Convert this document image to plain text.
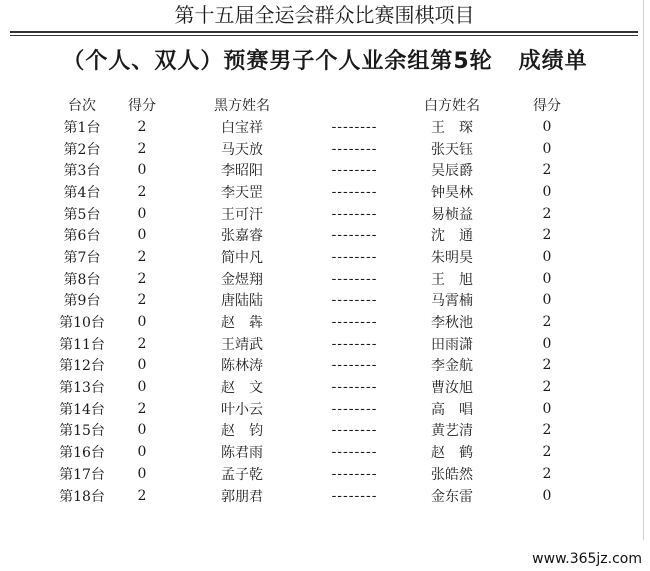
第十五届全运会群众比赛围棋项目
（个人、双人）预赛男子个人业余组第5轮 成绩单
台次	得分	黑方姓名		白方姓名	得分
第1台	2	白宝祥	--------	王　琛	0
第2台	2	马天放	--------	张天钰	0
第3台	0	李昭阳	--------	吴辰爵	2
第4台	2	李天罡	--------	钟昊林	0
第5台	0	王可汗	--------	易桢益	2
第6台	0	张嘉睿	--------	沈　通	2
第7台	2	简中凡	--------	朱明昊	0
第8台	2	金煜翔	--------	王　旭	0
第9台	2	唐陆陆	--------	马霄楠	0
第10台	0	赵　犇	--------	李秋池	2
第11台	2	王靖武	--------	田雨潇	0
第12台	0	陈林涛	--------	李金航	2
第13台	0	赵　文	--------	曹汝旭	2
第14台	2	叶小云	--------	高　唱	0
第15台	0	赵　钧	--------	黄艺清	2
第16台	0	陈君雨	--------	赵　鹤	2
第17台	0	孟子乾	--------	张皓然	2
第18台	2	郭朋君	--------	金东雷	0
www.365jz.com
